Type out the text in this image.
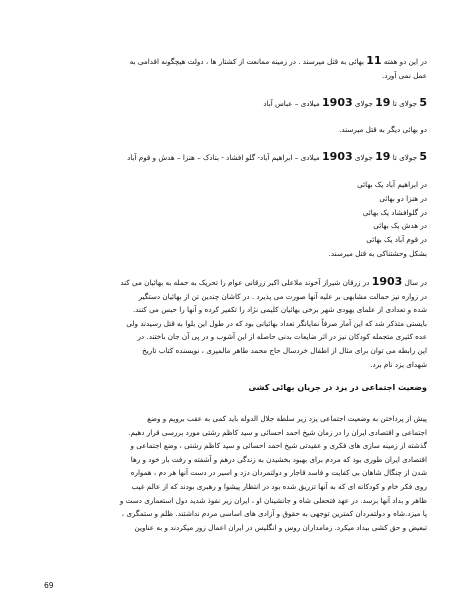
در این دو هفته 11 بهائی به قتل میرسند . در زمینه ممانعت از کشتار ها ، دولت هیچگونه اقدامی به
عمل نمی آورد.
5 جولای تا 19 جولای 1903 میلادی – عباس آباد
دو بهائی دیگر به قتل میرسند.
5 جولای تا 19 جولای 1903 میلادی – ابراهیم آباد- گلو افشاد - بنادک – هنزا – هدش و قوم آباد
در ابراهیم آباد یک بهائی
در هنزا دو بهائی
در گلوافشاد یک بهائی
در هدش یک بهائی
در قوم آباد یک بهائی
بشکل وحشتناکی به قتل میرسند.
در سال 1903 در زرقان شیراز آخوند ملاعلی اکبر زرقانی عوام را تحریک به حمله به بهائیان می کند
در زواره نیز حمالت مشابهی بر علیه آنها صورت می پذیرد . در کاشان چندین تن از بهائیان دستگیر
شده و تعدادی از علمای یهودی شهر برخی بهائیان کلیمی نژاد را تکفیر کرده و آنها را حبس می کنند.
بایستی متذکر شد که این آمار صرفاً نمایانگر تعداد بهائیانی بود که در طول این بلوا به قتل رسیدند ولی
عده کثیری متجمله کودکان نیز در اثر ضایعات بدنی حاصله از این آشوب و در پی آن جان باختند. در
این رابطه می توان برای مثال از اطفال خردسال حاج محمد طاهر مالمیری ، نویسنده کتاب تاریخ
شهدای یزد نام برد.
وضعیت اجتماعی در یزد در جریان بهائی کشی
پیش از پرداختن به وضعیت اجتماعی یزد زیر سلطه جلال الدوله باید کمی به عقب برویم و وضع
اجتماعی و اقتصادی ایران را در زمان شیخ احمد احسائی و سید کاظم رشتی مورد بررسی قرار دهیم.
گذشته از زمینه سازی های فکری و عقیدتی شیخ احمد احسائی و سید کاظم رشتی ، وضع اجتماعی و
اقتصادی ایران طوری بود که مردم برای بهبود بخشیدن به زندگی درهم و آشفته و رفت بار خود و رها
شدن از چنگال شاهان بی کفایت و فاسد قاجار و دولتمردان دزد و اسیر در دست آنها هر دم ، همواره
روی فکر خام و کودکانه ای که به آنها تزریق شده بود در انتظار پیشوا و رهبری بودند که از عالم غیب
ظاهر و بداد آنها برسد. در عهد فتحعلی شاه و جانشینان او ، ایران زیر نفوذ شدید دول استعماری دست و
پا میزد.شاه و دولتمردان کمترین توجهی به حقوق و آزادی های اساسی مردم نداشتند. ظلم و ستمگری ،
تبعیض و حق کشی بیداد میکرد. زمامداران روس و انگلیس در ایران اعمال زور میکردند و به عناوین
69
